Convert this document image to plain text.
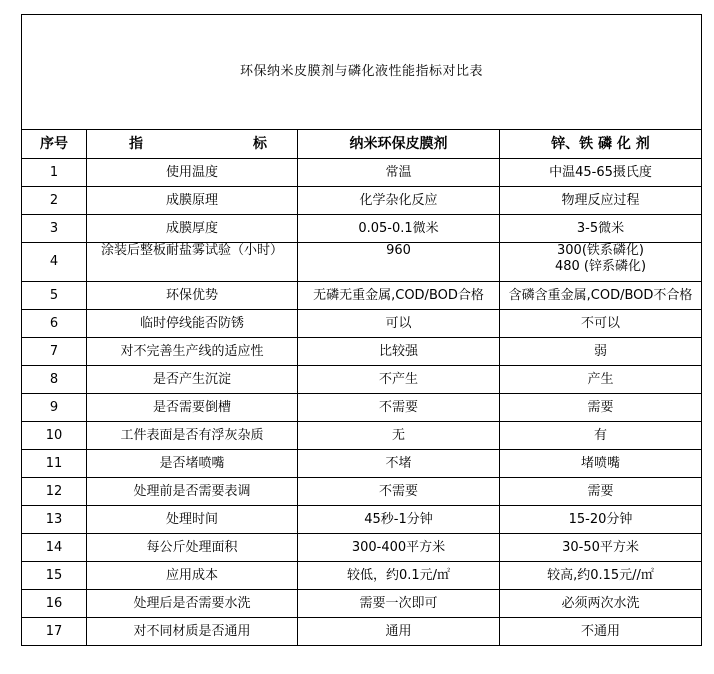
环保纳米皮膜剂与磷化液性能指标对比表			
序号	指 标	纳米环保皮膜剂	锌、铁 磷 化 剂
1	使用温度	常温	中温45-65摄氏度
2	成膜原理	化学杂化反应	物理反应过程
3	成膜厚度	0.05-0.1微米	3-5微米
4	涂装后整板耐盐雾试验（小时）	960	300(铁系磷化)
480 (锌系磷化)

5	环保优势	无磷无重金属,COD/BOD合格	含磷含重金属,COD/BOD不合格
6	临时停线能否防锈	可以	不可以
7	对不完善生产线的适应性	比较强	弱
8	是否产生沉淀	不产生	产生
9	是否需要倒槽	不需要	需要
10	工件表面是否有浮灰杂质	无	有
11	是否堵喷嘴	不堵	堵喷嘴
12	处理前是否需要表调	不需要	需要
13	处理时间	45秒-1分钟	15-20分钟
14	每公斤处理面积	300-400平方米	30-50平方米
15	应用成本	较低，约0.1元/㎡	较高,约0.15元//㎡
16	处理后是否需要水洗	需要一次即可	必须两次水洗
17	对不同材质是否通用	通用	不通用
